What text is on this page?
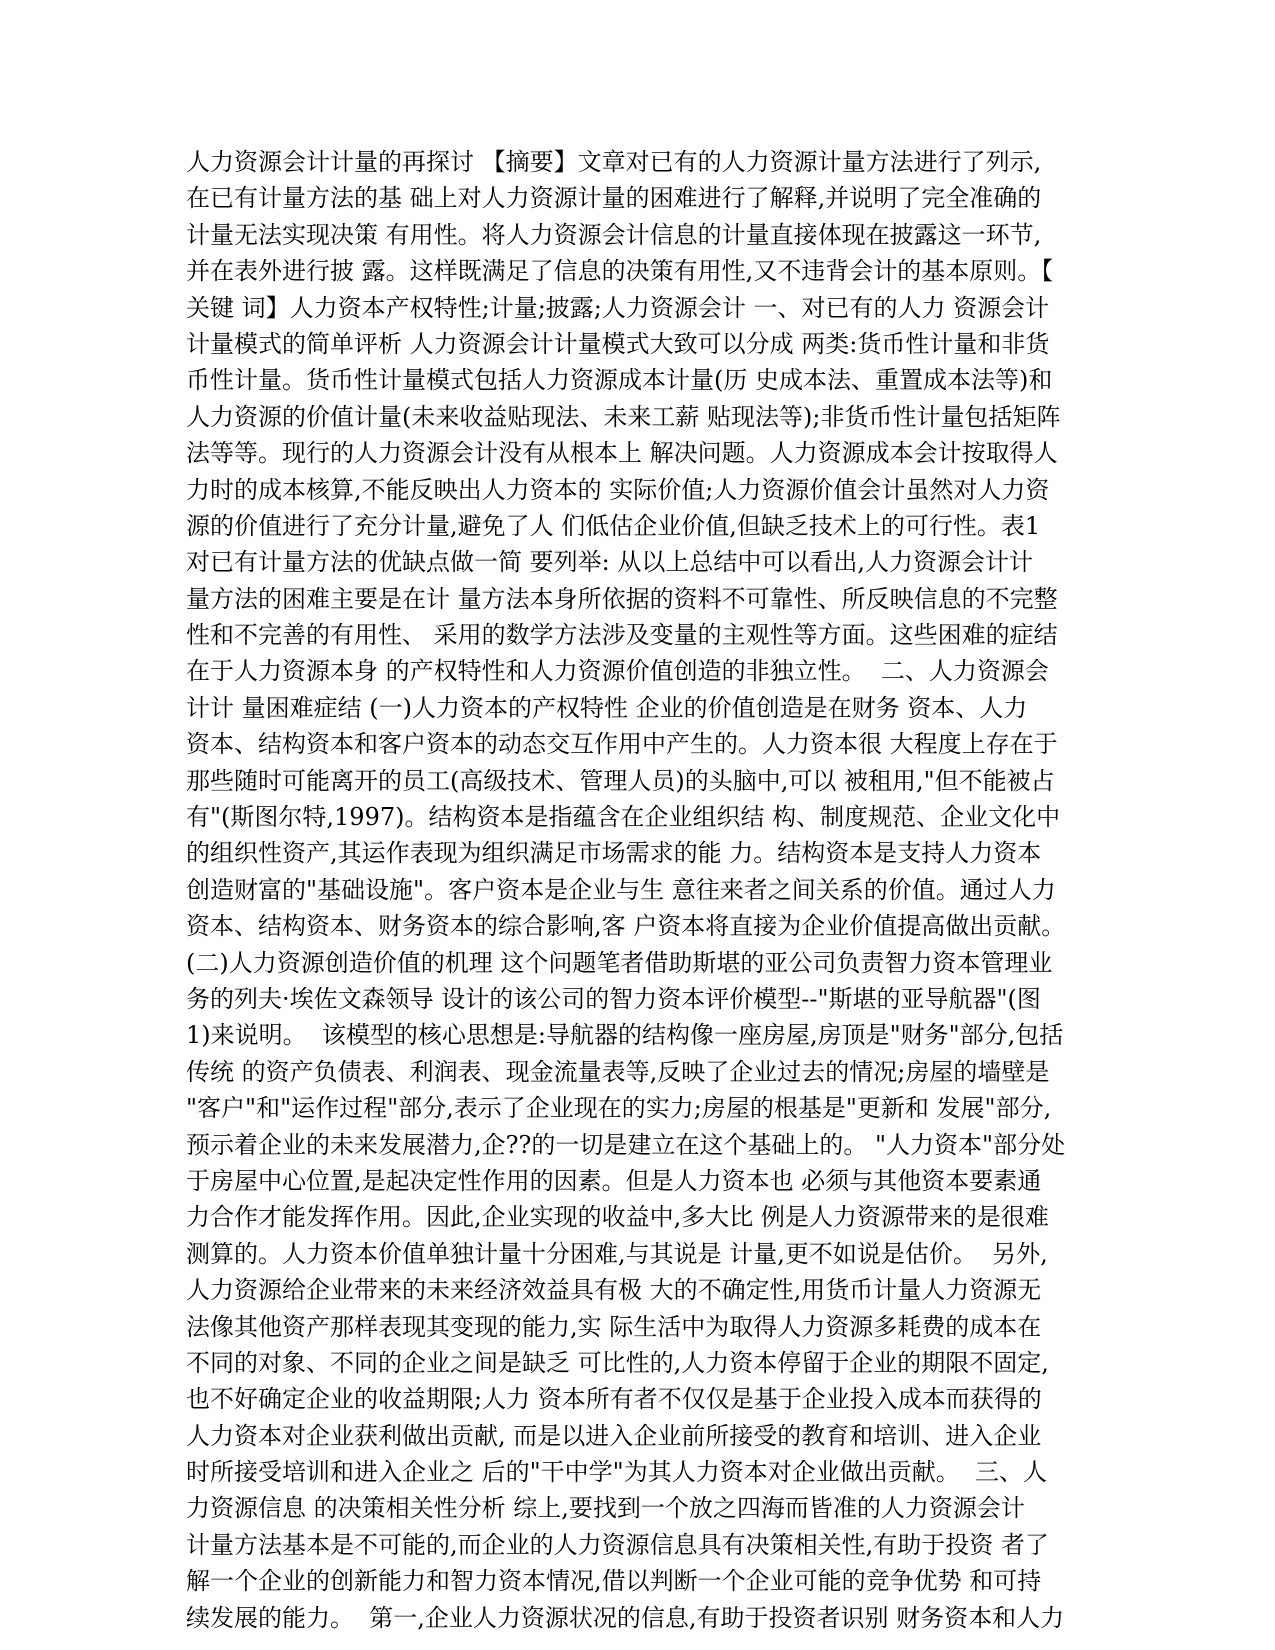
人力资源会计计量的再探讨 【摘要】文章对已有的人力资源计量方法进行了列示,
在已有计量方法的基 础上对人力资源计量的困难进行了解释,并说明了完全准确的
计量无法实现决策 有用性。将人力资源会计信息的计量直接体现在披露这一环节,
并在表外进行披 露。这样既满足了信息的决策有用性,又不违背会计的基本原则。【
关键 词】人力资本产权特性;计量;披露;人力资源会计 一、对已有的人力 资源会计
计量模式的简单评析 人力资源会计计量模式大致可以分成 两类:货币性计量和非货
币性计量。货币性计量模式包括人力资源成本计量(历 史成本法、重置成本法等)和
人力资源的价值计量(未来收益贴现法、未来工薪 贴现法等);非货币性计量包括矩阵
法等等。现行的人力资源会计没有从根本上 解决问题。人力资源成本会计按取得人
力时的成本核算,不能反映出人力资本的 实际价值;人力资源价值会计虽然对人力资
源的价值进行了充分计量,避免了人 们低估企业价值,但缺乏技术上的可行性。表1
对已有计量方法的优缺点做一简 要列举: 从以上总结中可以看出,人力资源会计计
量方法的困难主要是在计 量方法本身所依据的资料不可靠性、所反映信息的不完整
性和不完善的有用性、 采用的数学方法涉及变量的主观性等方面。这些困难的症结
在于人力资源本身 的产权特性和人力资源价值创造的非独立性。  二、人力资源会
计计 量困难症结 (一)人力资本的产权特性 企业的价值创造是在财务 资本、人力
资本、结构资本和客户资本的动态交互作用中产生的。人力资本很 大程度上存在于
那些随时可能离开的员工(高级技术、管理人员)的头脑中,可以 被租用,"但不能被占
有"(斯图尔特,1997)。结构资本是指蕴含在企业组织结 构、制度规范、企业文化中
的组织性资产,其运作表现为组织满足市场需求的能 力。结构资本是支持人力资本
创造财富的"基础设施"。客户资本是企业与生 意往来者之间关系的价值。通过人力
资本、结构资本、财务资本的综合影响,客 户资本将直接为企业价值提高做出贡献。
(二)人力资源创造价值的机理 这个问题笔者借助斯堪的亚公司负责智力资本管理业
务的列夫·埃佐文森领导 设计的该公司的智力资本评价模型--"斯堪的亚导航器"(图
1)来说明。  该模型的核心思想是:导航器的结构像一座房屋,房顶是"财务"部分,包括
传统 的资产负债表、利润表、现金流量表等,反映了企业过去的情况;房屋的墙壁是
"客户"和"运作过程"部分,表示了企业现在的实力;房屋的根基是"更新和 发展"部分,
预示着企业的未来发展潜力,企??的一切是建立在这个基础上的。 "人力资本"部分处
于房屋中心位置,是起决定性作用的因素。但是人力资本也 必须与其他资本要素通
力合作才能发挥作用。因此,企业实现的收益中,多大比 例是人力资源带来的是很难
测算的。人力资本价值单独计量十分困难,与其说是 计量,更不如说是估价。  另外,
人力资源给企业带来的未来经济效益具有极 大的不确定性,用货币计量人力资源无
法像其他资产那样表现其变现的能力,实 际生活中为取得人力资源多耗费的成本在
不同的对象、不同的企业之间是缺乏 可比性的,人力资本停留于企业的期限不固定,
也不好确定企业的收益期限;人力 资本所有者不仅仅是基于企业投入成本而获得的
人力资本对企业获利做出贡献, 而是以进入企业前所接受的教育和培训、进入企业
时所接受培训和进入企业之 后的"干中学"为其人力资本对企业做出贡献。  三、人
力资源信息 的决策相关性分析 综上,要找到一个放之四海而皆准的人力资源会计
计量方法基本是不可能的,而企业的人力资源信息具有决策相关性,有助于投资 者了
解一个企业的创新能力和智力资本情况,借以判断一个企业可能的竞争优势 和可持
续发展的能力。  第一,企业人力资源状况的信息,有助于投资者识别 财务资本和人力
